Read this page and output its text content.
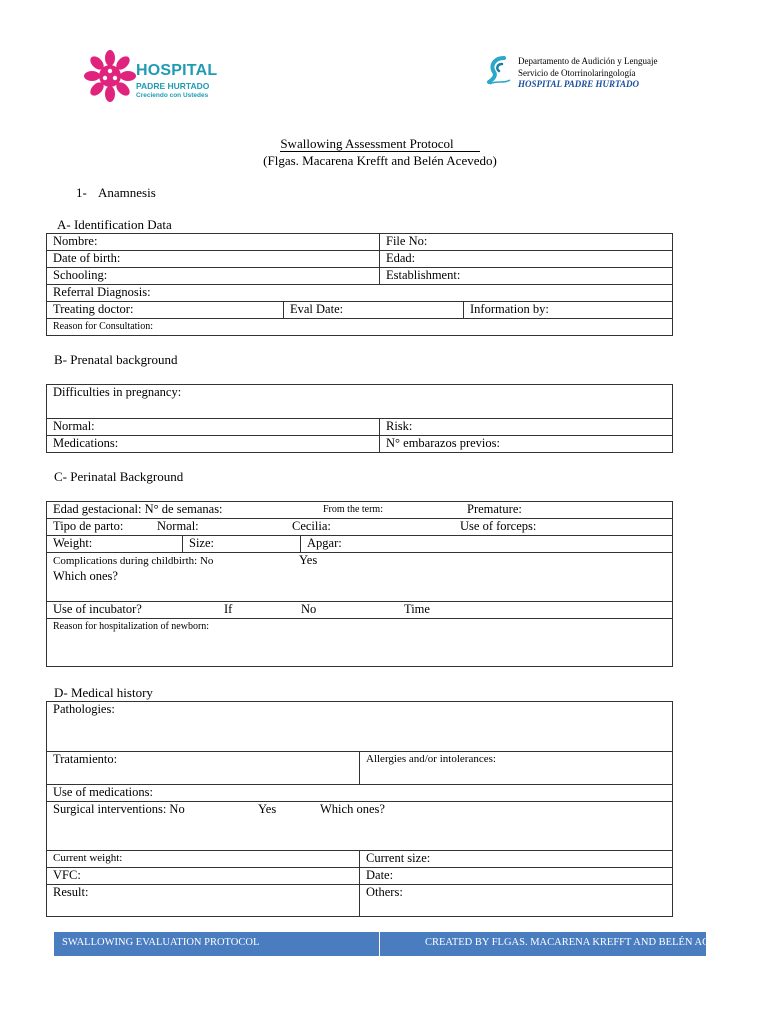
HOSPITAL
PADRE HURTADO
Creciendo con Ustedes
Departamento de Audición y Lenguaje
Servicio de Otorrinolaringología
HOSPITAL PADRE HURTADO
Swallowing Assessment Protocol
(Flgas. Macarena Krefft and Belén Acevedo)
1- Anamnesis
A- Identification Data
Nombre:		File No:	
Date of birth:		Edad:	
Schooling:		Establishment:	
Referral Diagnosis:			
Treating doctor:	Eval Date:		Information by:
Reason for Consultation:			
B- Prenatal background
Difficulties in pregnancy:	
Normal:	Risk:
Medications:	N° embarazos previos:
C- Perinatal Background
Edad gestacional: N° de semanas:	From the term:	Premature:

Tipo de parto:	Normal:	Cecilia:	Use of forceps:

Weight:	Size:	Apgar:
Complications during childbirth: No	Yes
Which ones?

Use of incubator?	If	No	Time

Reason for hospitalization of newborn:
D- Medical history
Pathologies:	
Tratamiento:	Allergies and/or intolerances:
Use of medications:	
Surgical interventions: No Yes Which ones?	

Current weight:	Current size:
VFC:	Date:
Result:	Others:
SWALLOWING EVALUATION PROTOCOL	CREATED BY FLGAS. MACARENA KREFFT AND BELÉN ACEVEDO
